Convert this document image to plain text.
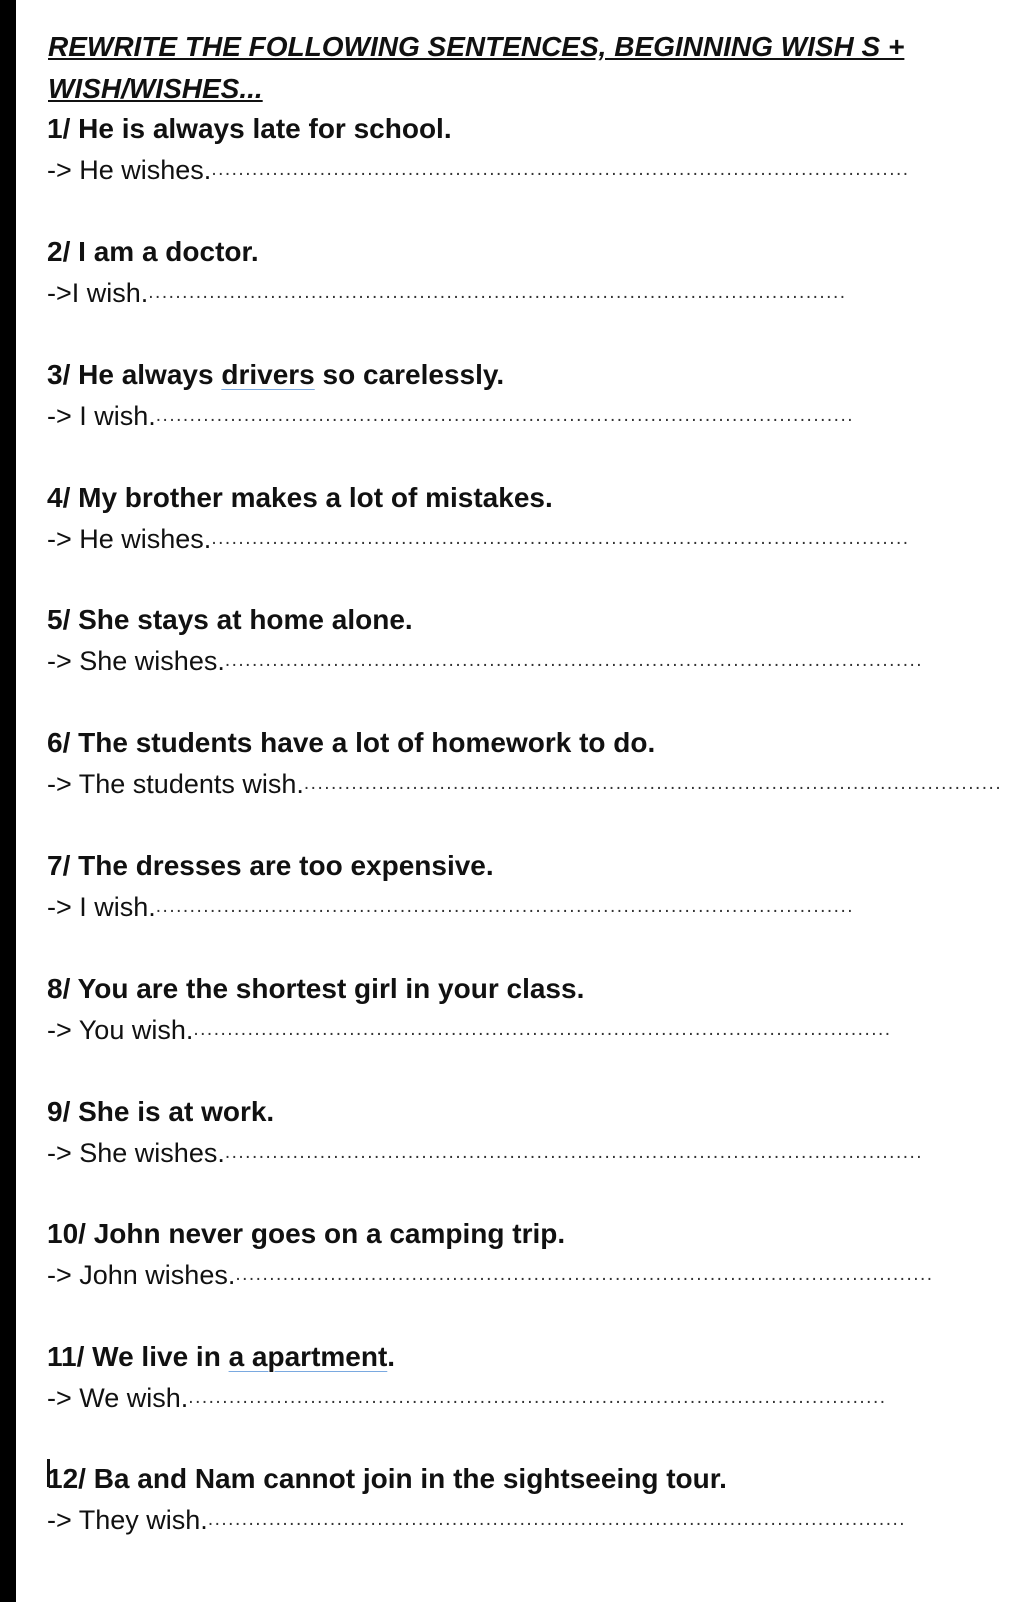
REWRITE THE FOLLOWING SENTENCES, BEGINNING WISH S + WISH/WISHES...
1/ He is always late for school.
-> He wishes. .......................................................................................................
2/ I am a doctor.
->I wish. .......................................................................................................
3/ He always drivers so carelessly.
-> I wish. .......................................................................................................
4/ My brother makes a lot of mistakes.
-> He wishes. .......................................................................................................
5/ She stays at home alone.
-> She wishes. .......................................................................................................
6/ The students have a lot of homework to do.
-> The students wish. .......................................................................................................
7/ The dresses are too expensive.
-> I wish. .......................................................................................................
8/ You are the shortest girl in your class.
-> You wish. .......................................................................................................
9/ She is at work.
-> She wishes. .......................................................................................................
10/ John never goes on a camping trip.
-> John wishes. .......................................................................................................
11/ We live in a apartment.
-> We wish. .......................................................................................................
12/ Ba and Nam cannot join in the sightseeing tour.
-> They wish. .......................................................................................................
